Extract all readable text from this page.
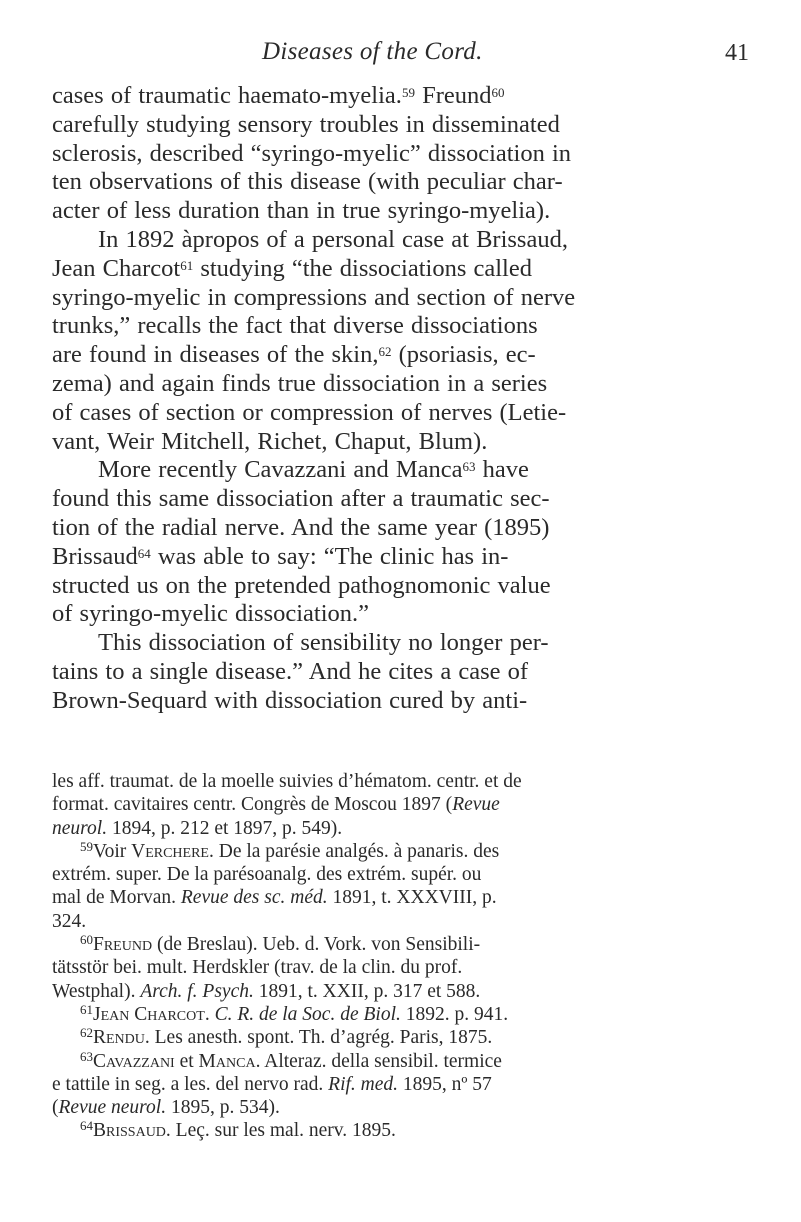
Diseases of the Cord.	41
cases of traumatic haemato-myelia.$^{59}$ Freund$^{60}$
carefully studying sensory troubles in disseminated
sclerosis, described “syringo-myelic” dissociation in
ten observations of this disease (with peculiar char-
acter of less duration than in true syringo-myelia).
In 1892 àpropos of a personal case at Brissaud,
Jean Charcot$^{61}$ studying “the dissociations called
syringo-myelic in compressions and section of nerve
trunks,” recalls the fact that diverse dissociations
are found in diseases of the skin,$^{62}$ (psoriasis, ec-
zema) and again finds true dissociation in a series
of cases of section or compression of nerves (Letie-
vant, Weir Mitchell, Richet, Chaput, Blum).
More recently Cavazzani and Manca$^{63}$ have
found this same dissociation after a traumatic sec-
tion of the radial nerve. And the same year (1895)
Brissaud$^{64}$ was able to say: “The clinic has in-
structed us on the pretended pathognomonic value
of syringo-myelic dissociation.”
This dissociation of sensibility no longer per-
tains to a single disease.” And he cites a case of
Brown-Sequard with dissociation cured by anti-
les aff. traumat. de la moelle suivies d’hématom. centr. et de
format. cavitaires centr. Congrès de Moscou 1897 (Revue
neurol. 1894, p. 212 et 1897, p. 549).
$^{59}$Voir Verchere. De la parésie analgés. à panaris. des
extrém. super. De la parésoanalg. des extrém. supér. ou
mal de Morvan. Revue des sc. méd. 1891, t. XXXVIII, p.
324.
$^{60}$Freund (de Breslau). Ueb. d. Vork. von Sensibili-
tätsstör bei. mult. Herdskler (trav. de la clin. du prof.
Westphal). Arch. f. Psych. 1891, t. XXII, p. 317 et 588.
$^{61}$Jean Charcot. C. R. de la Soc. de Biol. 1892. p. 941.
$^{62}$Rendu. Les anesth. spont. Th. d’agrég. Paris, 1875.
$^{63}$Cavazzani et Manca. Alteraz. della sensibil. termice
e tattile in seg. a les. del nervo rad. Rif. med. 1895, nº 57
(Revue neurol. 1895, p. 534).
$^{64}$Brissaud. Leç. sur les mal. nerv. 1895.
